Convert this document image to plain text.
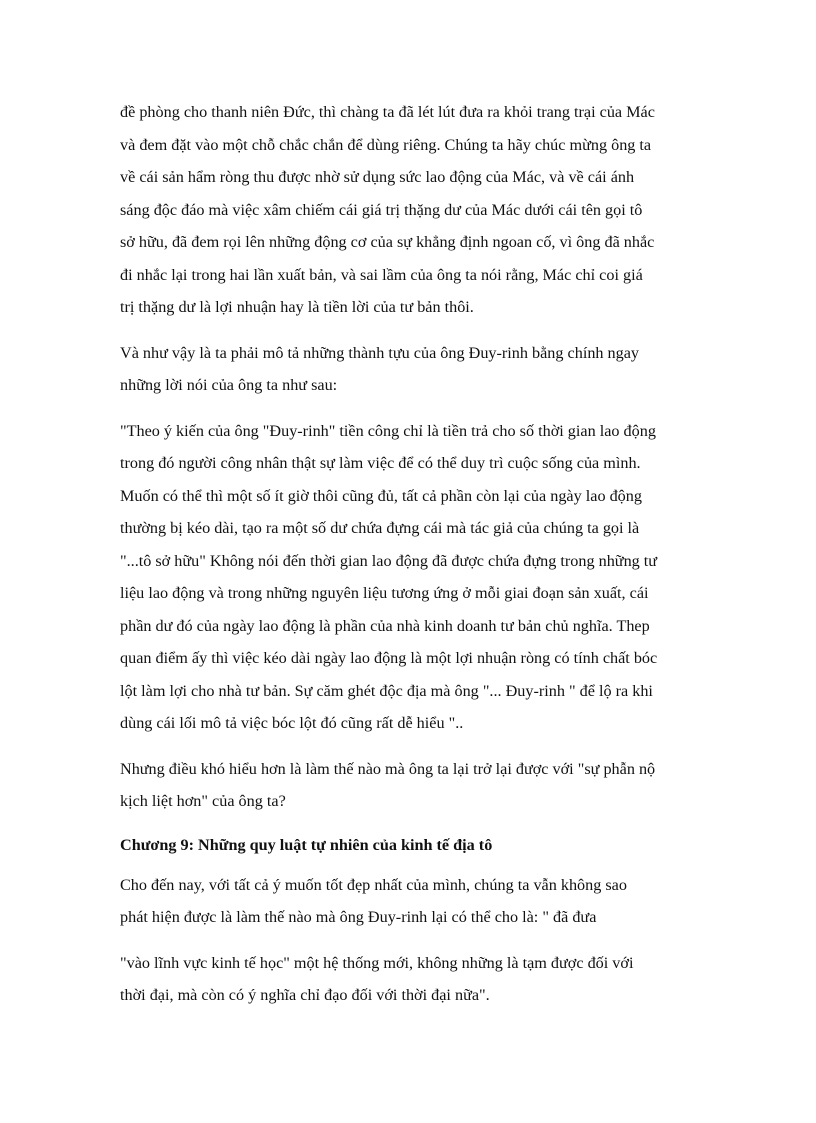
đề phòng cho thanh niên Đức, thì chàng ta đã lét lút đưa ra khỏi trang trại của Mác
và đem đặt vào một chỗ chắc chắn để dùng riêng. Chúng ta hãy chúc mừng ông ta
về cái sản hẩm ròng thu được nhờ sử dụng sức lao động của Mác, và về cái ánh
sáng độc đáo mà việc xâm chiếm cái giá trị thặng dư của Mác dưới cái tên gọi tô
sở hữu, đã đem rọi lên những động cơ của sự khẳng định ngoan cố, vì ông đã nhắc
đi nhắc lại trong hai lần xuất bản, và sai lầm của ông ta nói rằng, Mác chỉ coi giá
trị thặng dư là lợi nhuận hay là tiền lời của tư bản thôi.
Và như vậy là ta phải mô tả những thành tựu của ông Đuy-rinh bằng chính ngay
những lời nói của ông ta như sau:
"Theo ý kiến của ông "Đuy-rinh" tiền công chỉ là tiền trả cho số thời gian lao động
trong đó người công nhân thật sự làm việc để có thể duy trì cuộc sống của mình.
Muốn có thể thì một số ít giờ thôi cũng đủ, tất cả phần còn lại của ngày lao động
thường bị kéo dài, tạo ra một số dư chứa đựng cái mà tác giả của chúng ta gọi là
"...tô sở hữu" Không nói đến thời gian lao động đã được chứa đựng trong những tư
liệu lao động và trong những nguyên liệu tương ứng ở mỗi giai đoạn sản xuất, cái
phần dư đó của ngày lao động là phần của nhà kinh doanh tư bản chủ nghĩa. Thep
quan điểm ấy thì việc kéo dài ngày lao động là một lợi nhuận ròng có tính chất bóc
lột làm lợi cho nhà tư bản. Sự căm ghét độc địa mà ông "... Đuy-rinh " để lộ ra khi
dùng cái lối mô tả việc bóc lột đó cũng rất dễ hiểu "..
Nhưng điều khó hiểu hơn là làm thế nào mà ông ta lại trở lại được với "sự phẫn nộ
kịch liệt hơn" của ông ta?
Chương 9: Những quy luật tự nhiên của kinh tế địa tô
Cho đến nay, với tất cả ý muốn tốt đẹp nhất của mình, chúng ta vẫn không sao
phát hiện được là làm thế nào mà ông Đuy-rinh lại có thể cho là: " đã đưa
"vào lĩnh vực kinh tế học" một hệ thống mới, không những là tạm được đối với
thời đại, mà còn có ý nghĩa chỉ đạo đối với thời đại nữa".
